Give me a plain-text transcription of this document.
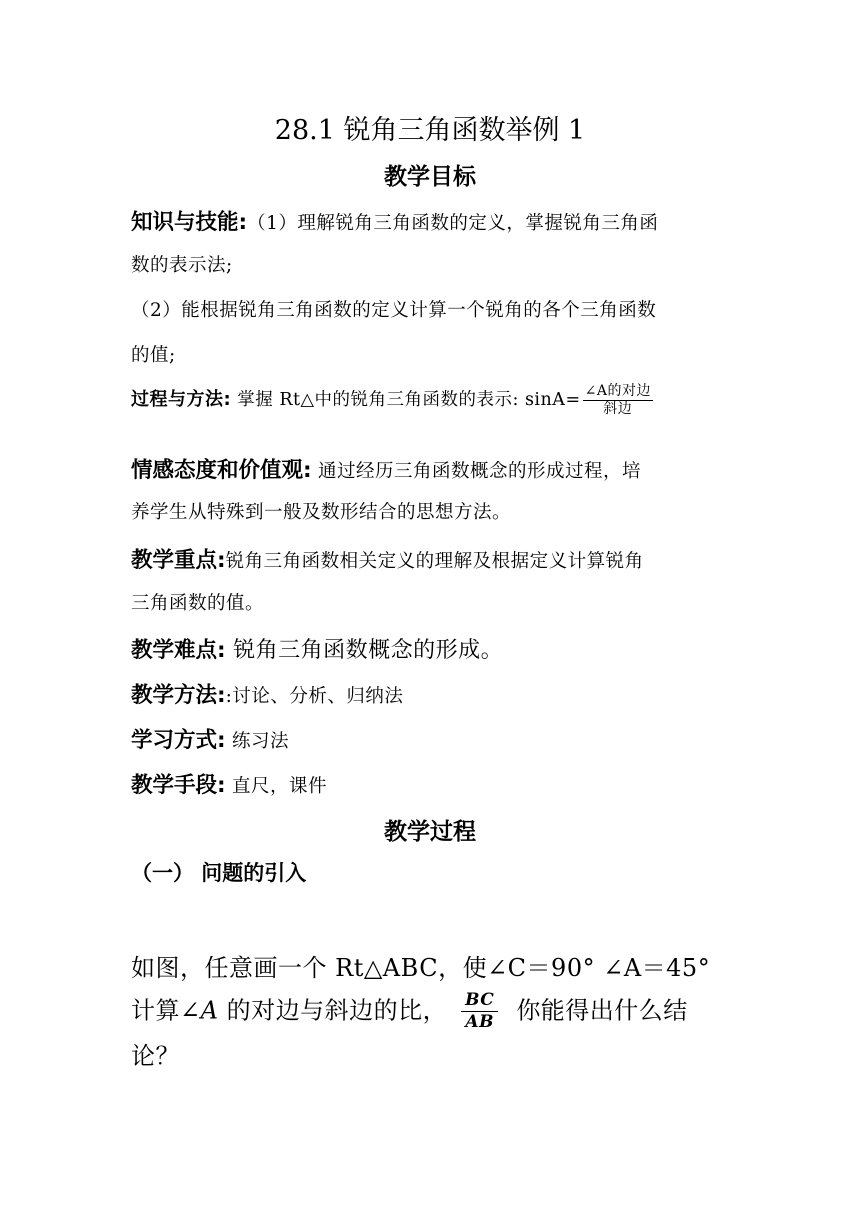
28.1 锐角三角函数举例 1
教学目标
知识与技能:（1）理解锐角三角函数的定义，掌握锐角三角函
数的表示法;
（2）能根据锐角三角函数的定义计算一个锐角的各个三角函数
的值;
过程与方法: 掌握 Rt△中的锐角三角函数的表示: $\sin A= \frac{\text{∠A的对边}}{\text{斜边}}$
情感态度和价值观: 通过经历三角函数概念的形成过程，培
养学生从特殊到一般及数形结合的思想方法。
教学重点:锐角三角函数相关定义的理解及根据定义计算锐角
三角函数的值。
教学难点: 锐角三角函数概念的形成。
教学方法::讨论、分析、归纳法
学习方式: 练习法
教学手段: 直尺，课件
教学过程
（一） 问题的引入
如图，任意画一个 Rt△ABC，使∠C＝90° ∠A＝45°
计算∠A 的对边与斜边的比， $\frac{BC}{AB}$ 你能得出什么结
论？
